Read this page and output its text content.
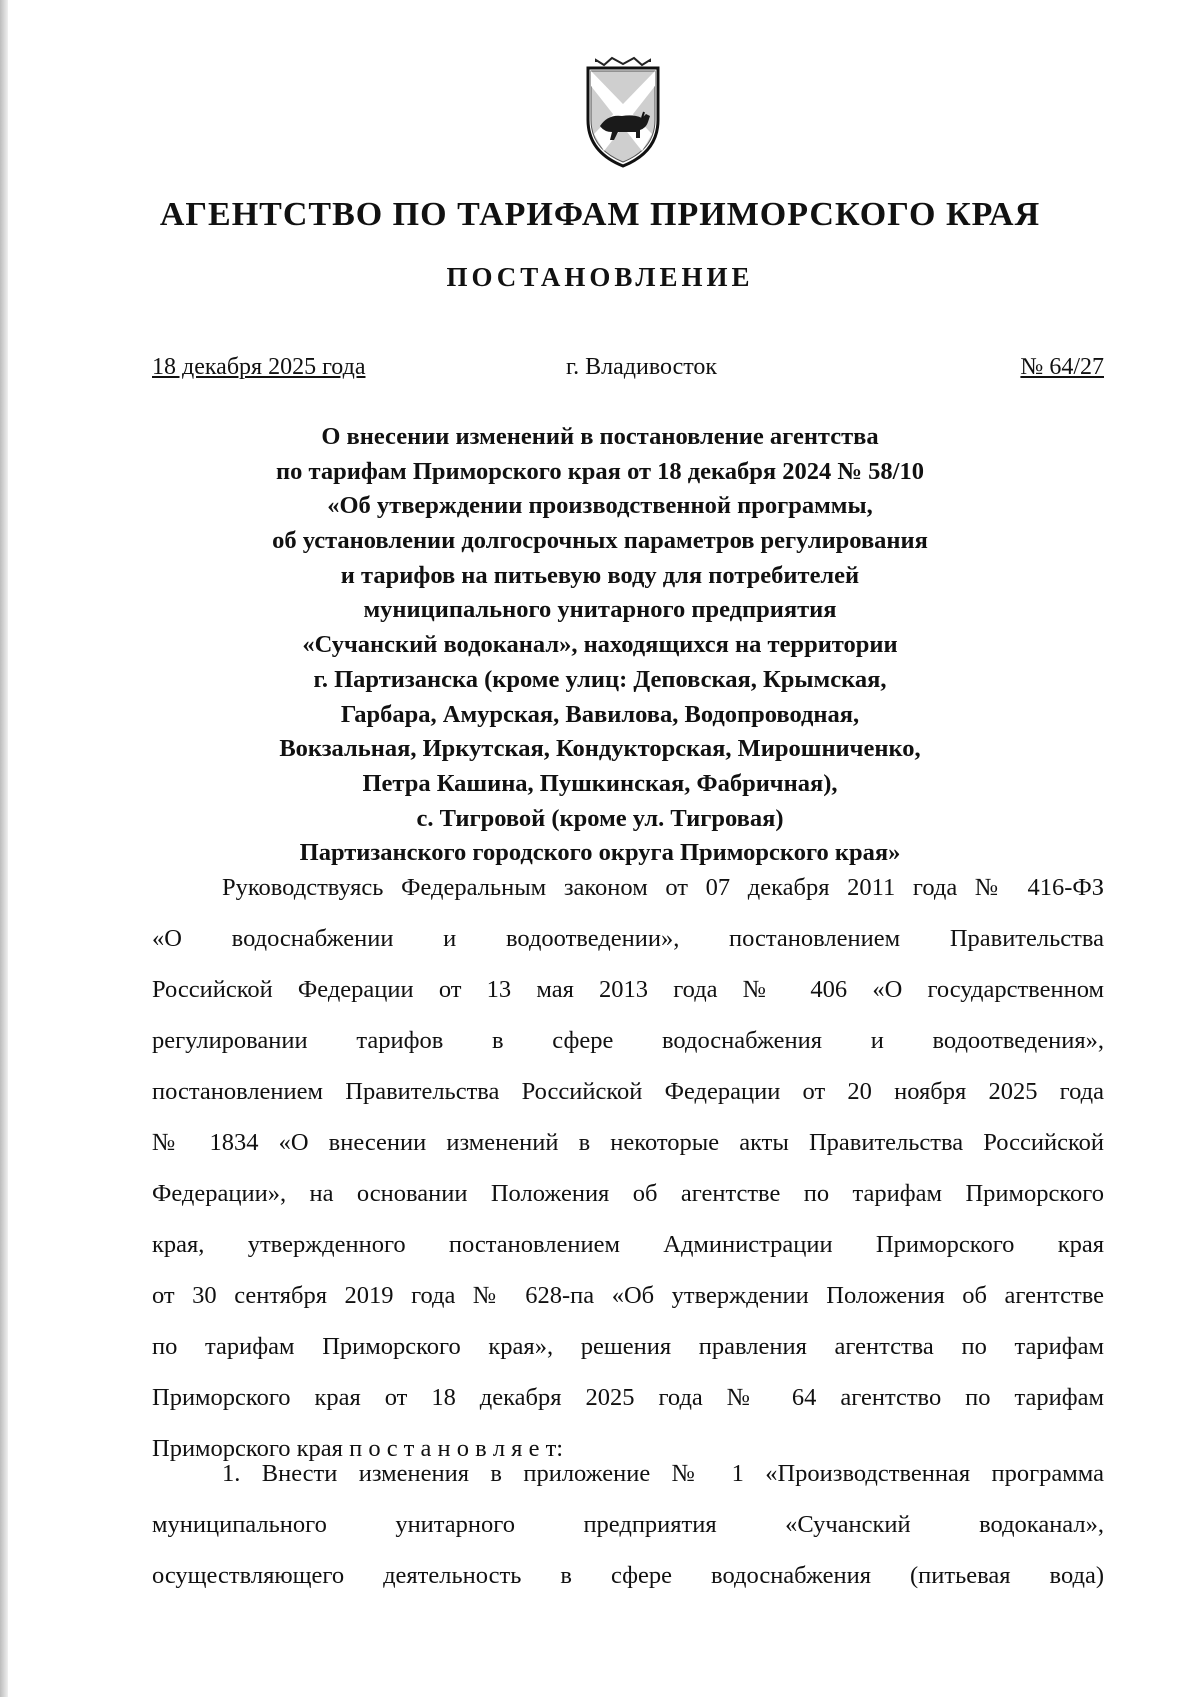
АГЕНТСТВО ПО ТАРИФАМ ПРИМОРСКОГО КРАЯ
ПОСТАНОВЛЕНИЕ
18 декабря 2025 года	г. Владивосток	№ 64/27
О внесении изменений в постановление агентства
по тарифам Приморского края от 18 декабря 2024 № 58/10
«Об утверждении производственной программы,
об установлении долгосрочных параметров регулирования
и тарифов на питьевую воду для потребителей
муниципального унитарного предприятия
«Сучанский водоканал», находящихся на территории
г. Партизанска (кроме улиц: Деповская, Крымская,
Гарбара, Амурская, Вавилова, Водопроводная,
Вокзальная, Иркутская, Кондукторская, Мирошниченко,
Петра Кашина, Пушкинская, Фабричная),
с. Тигровой (кроме ул. Тигровая)
Партизанского городского округа Приморского края»
Руководствуясь Федеральным законом от 07 декабря 2011 года № 416-ФЗ
«О водоснабжении и водоотведении», постановлением Правительства
Российской Федерации от 13 мая 2013 года № 406 «О государственном
регулировании тарифов в сфере водоснабжения и водоотведения»,
постановлением Правительства Российской Федерации от 20 ноября 2025 года
№ 1834 «О внесении изменений в некоторые акты Правительства Российской
Федерации», на основании Положения об агентстве по тарифам Приморского
края, утвержденного постановлением Администрации Приморского края
от 30 сентября 2019 года № 628-па «Об утверждении Положения об агентстве
по тарифам Приморского края», решения правления агентства по тарифам
Приморского края от 18 декабря 2025 года № 64 агентство по тарифам
Приморского края п о с т а н о в л я е т:
1. Внести изменения в приложение № 1 «Производственная программа
муниципального унитарного предприятия «Сучанский водоканал»,
осуществляющего деятельность в сфере водоснабжения (питьевая вода)
